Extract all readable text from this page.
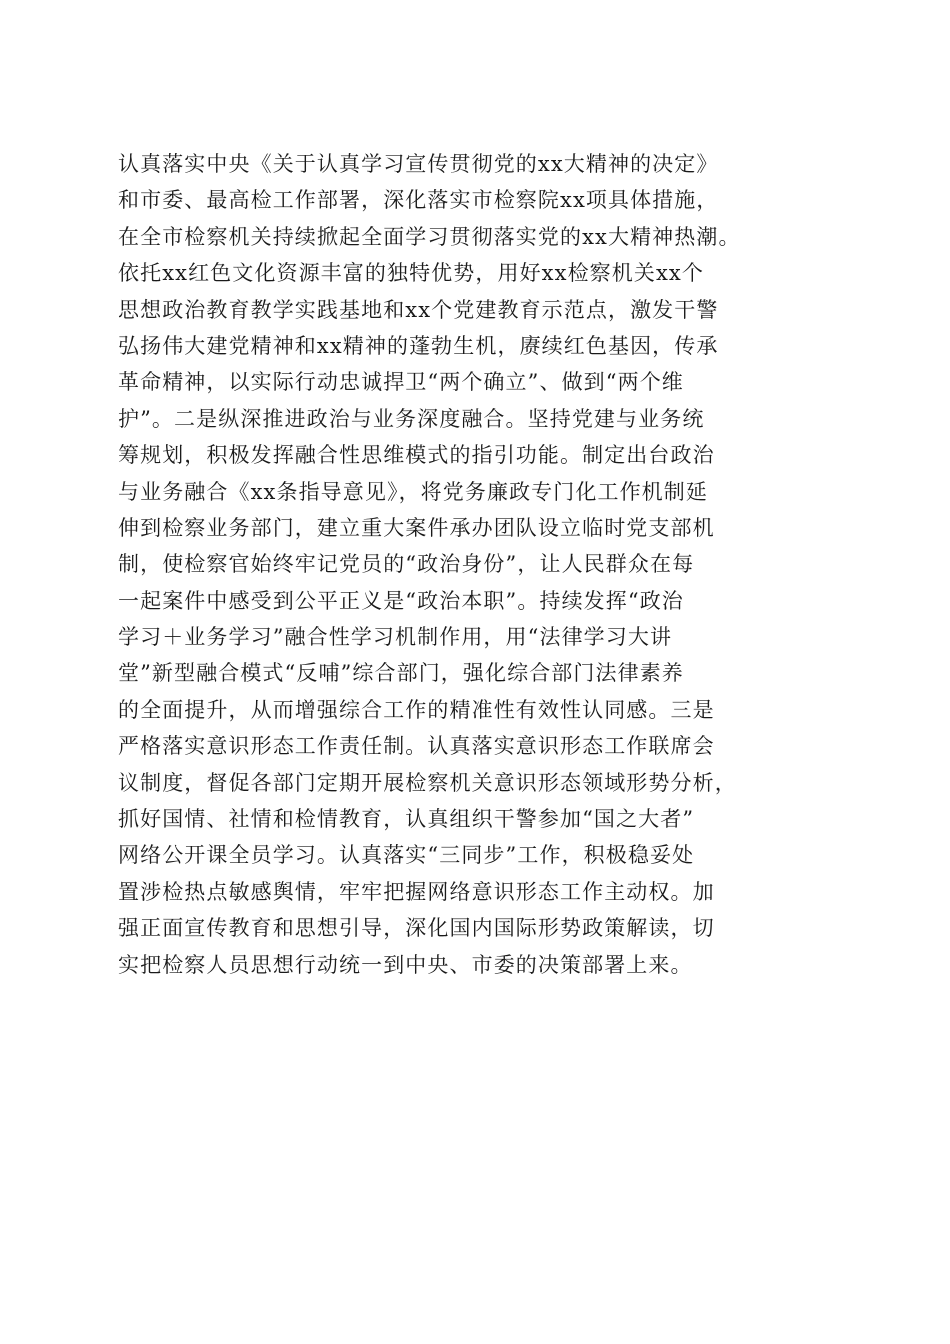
认真落实中央《关于认真学习宣传贯彻党的xx大精神的决定》
和市委、最高检工作部署，深化落实市检察院xx项具体措施，
在全市检察机关持续掀起全面学习贯彻落实党的xx大精神热潮。
依托xx红色文化资源丰富的独特优势，用好xx检察机关xx个
思想政治教育教学实践基地和xx个党建教育示范点，激发干警
弘扬伟大建党精神和xx精神的蓬勃生机，赓续红色基因，传承
革命精神，以实际行动忠诚捍卫“两个确立”、做到“两个维
护”。二是纵深推进政治与业务深度融合。坚持党建与业务统
筹规划，积极发挥融合性思维模式的指引功能。制定出台政治
与业务融合《xx条指导意见》，将党务廉政专门化工作机制延
伸到检察业务部门，建立重大案件承办团队设立临时党支部机
制，使检察官始终牢记党员的“政治身份”，让人民群众在每
一起案件中感受到公平正义是“政治本职”。持续发挥“政治
学习＋业务学习”融合性学习机制作用，用“法律学习大讲
堂”新型融合模式“反哺”综合部门，强化综合部门法律素养
的全面提升，从而增强综合工作的精准性有效性认同感。三是
严格落实意识形态工作责任制。认真落实意识形态工作联席会
议制度，督促各部门定期开展检察机关意识形态领域形势分析，
抓好国情、社情和检情教育，认真组织干警参加“国之大者”
网络公开课全员学习。认真落实“三同步”工作，积极稳妥处
置涉检热点敏感舆情，牢牢把握网络意识形态工作主动权。加
强正面宣传教育和思想引导，深化国内国际形势政策解读，切
实把检察人员思想行动统一到中央、市委的决策部署上来。
